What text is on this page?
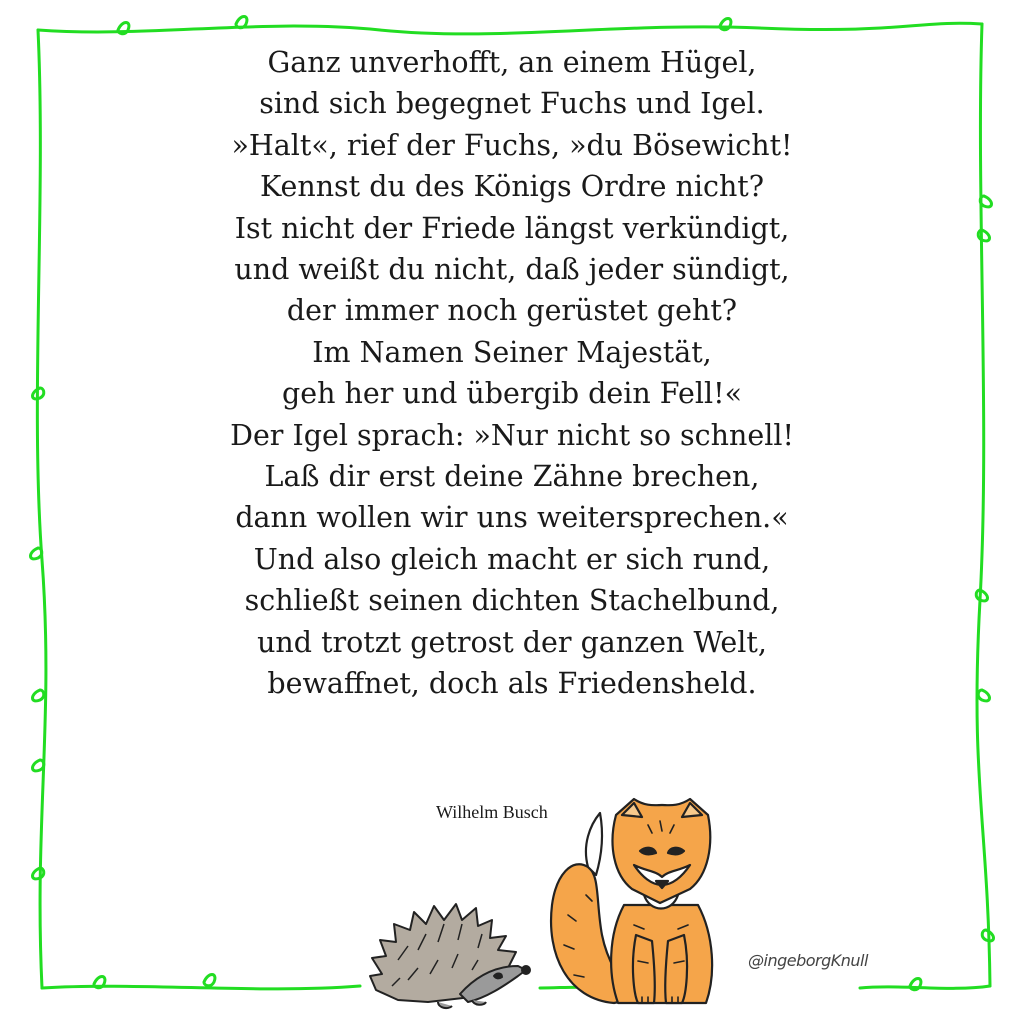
Ganz unverhofft, an einem Hügel,
sind sich begegnet Fuchs und Igel.
»Halt«, rief der Fuchs, »du Bösewicht!
Kennst du des Königs Ordre nicht?
Ist nicht der Friede längst verkündigt,
und weißt du nicht, daß jeder sündigt,
der immer noch gerüstet geht?
Im Namen Seiner Majestät,
geh her und übergib dein Fell!«
Der Igel sprach: »Nur nicht so schnell!
Laß dir erst deine Zähne brechen,
dann wollen wir uns weitersprechen.«
Und also gleich macht er sich rund,
schließt seinen dichten Stachelbund,
und trotzt getrost der ganzen Welt,
bewaffnet, doch als Friedensheld.
Wilhelm Busch
@ingeborgKnull
